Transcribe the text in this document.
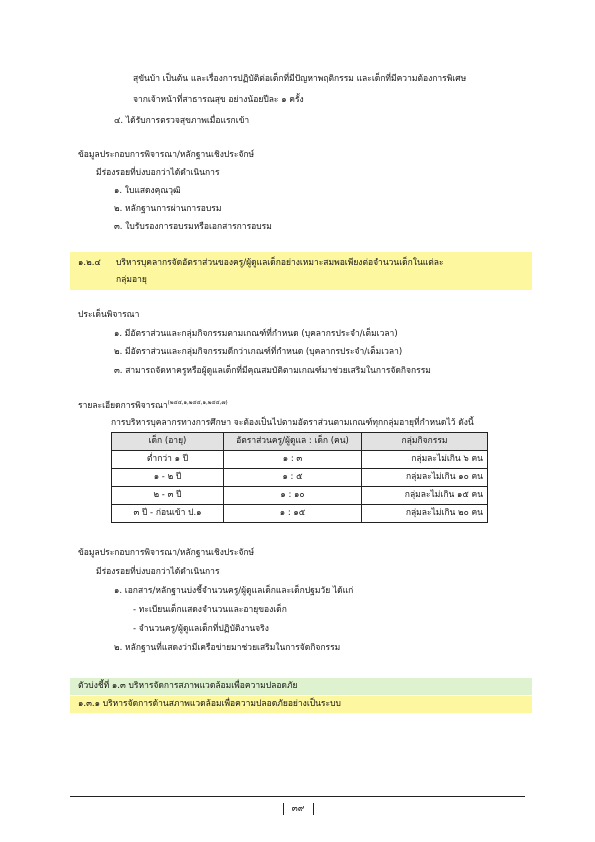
สุขันบ้า เป็นต้น และเรื่องการปฏิบัติต่อเด็กที่มีปัญหาพฤติกรรม และเด็กที่มีความต้องการพิเศษ
จากเจ้าหน้าที่สาธารณสุข อย่างน้อยปีละ ๑ ครั้ง
๔. ได้รับการตรวจสุขภาพเมื่อแรกเข้า
ข้อมูลประกอบการพิจารณา/หลักฐานเชิงประจักษ์
มีร่องรอยที่บ่งบอกว่าได้ดำเนินการ
๑. ใบแสดงคุณวุฒิ
๒. หลักฐานการผ่านการอบรม
๓. ใบรับรองการอบรมหรือเอกสารการอบรม
๑.๒.๔ บริหารบุคลากรจัดอัตราส่วนของครู/ผู้ดูแลเด็กอย่างเหมาะสมพอเพียงต่อจำนวนเด็กในแต่ละ
กลุ่มอายุ
ประเด็นพิจารณา
๑. มีอัตราส่วนและกลุ่มกิจกรรมตามเกณฑ์ที่กำหนด (บุคลากรประจำ/เต็มเวลา)
๒. มีอัตราส่วนและกลุ่มกิจกรรมดีกว่าเกณฑ์ที่กำหนด (บุคลากรประจำ/เต็มเวลา)
๓. สามารถจัดหาครูหรือผู้ดูแลเด็กที่มีคุณสมบัติตามเกณฑ์มาช่วยเสริมในการจัดกิจกรรม
รายละเอียดการพิจารณา$^{(๒๔๔,๑,๒๔๔,๑,๒๔๔,๗)}$
การบริหารบุคลากรทางการศึกษา จะต้องเป็นไปตามอัตราส่วนตามเกณฑ์ทุกกลุ่มอายุที่กำหนดไว้ ดังนี้
เด็ก (อายุ)	อัตราส่วนครู/ผู้ดูแล : เด็ก (คน)	กลุ่มกิจกรรม
ต่ำกว่า ๑ ปี	๑ : ๓	กลุ่มละไม่เกิน ๖ คน
๑ - ๒ ปี	๑ : ๕	กลุ่มละไม่เกิน ๑๐ คน
๒ - ๓ ปี	๑ : ๑๐	กลุ่มละไม่เกิน ๑๕ คน
๓ ปี - ก่อนเข้า ป.๑	๑ : ๑๕	กลุ่มละไม่เกิน ๒๐ คน
ข้อมูลประกอบการพิจารณา/หลักฐานเชิงประจักษ์
มีร่องรอยที่บ่งบอกว่าได้ดำเนินการ
๑. เอกสาร/หลักฐานบ่งชี้จำนวนครู/ผู้ดูแลเด็กและเด็กปฐมวัย ได้แก่
- ทะเบียนเด็กแสดงจำนวนและอายุของเด็ก
- จำนวนครู/ผู้ดูแลเด็กที่ปฏิบัติงานจริง
๒. หลักฐานที่แสดงว่ามีเครือข่ายมาช่วยเสริมในการจัดกิจกรรม
ตัวบ่งชี้ที่ ๑.๓ บริหารจัดการสภาพแวดล้อมเพื่อความปลอดภัย
๑.๓.๑ บริหารจัดการด้านสภาพแวดล้อมเพื่อความปลอดภัยอย่างเป็นระบบ
๓๙
